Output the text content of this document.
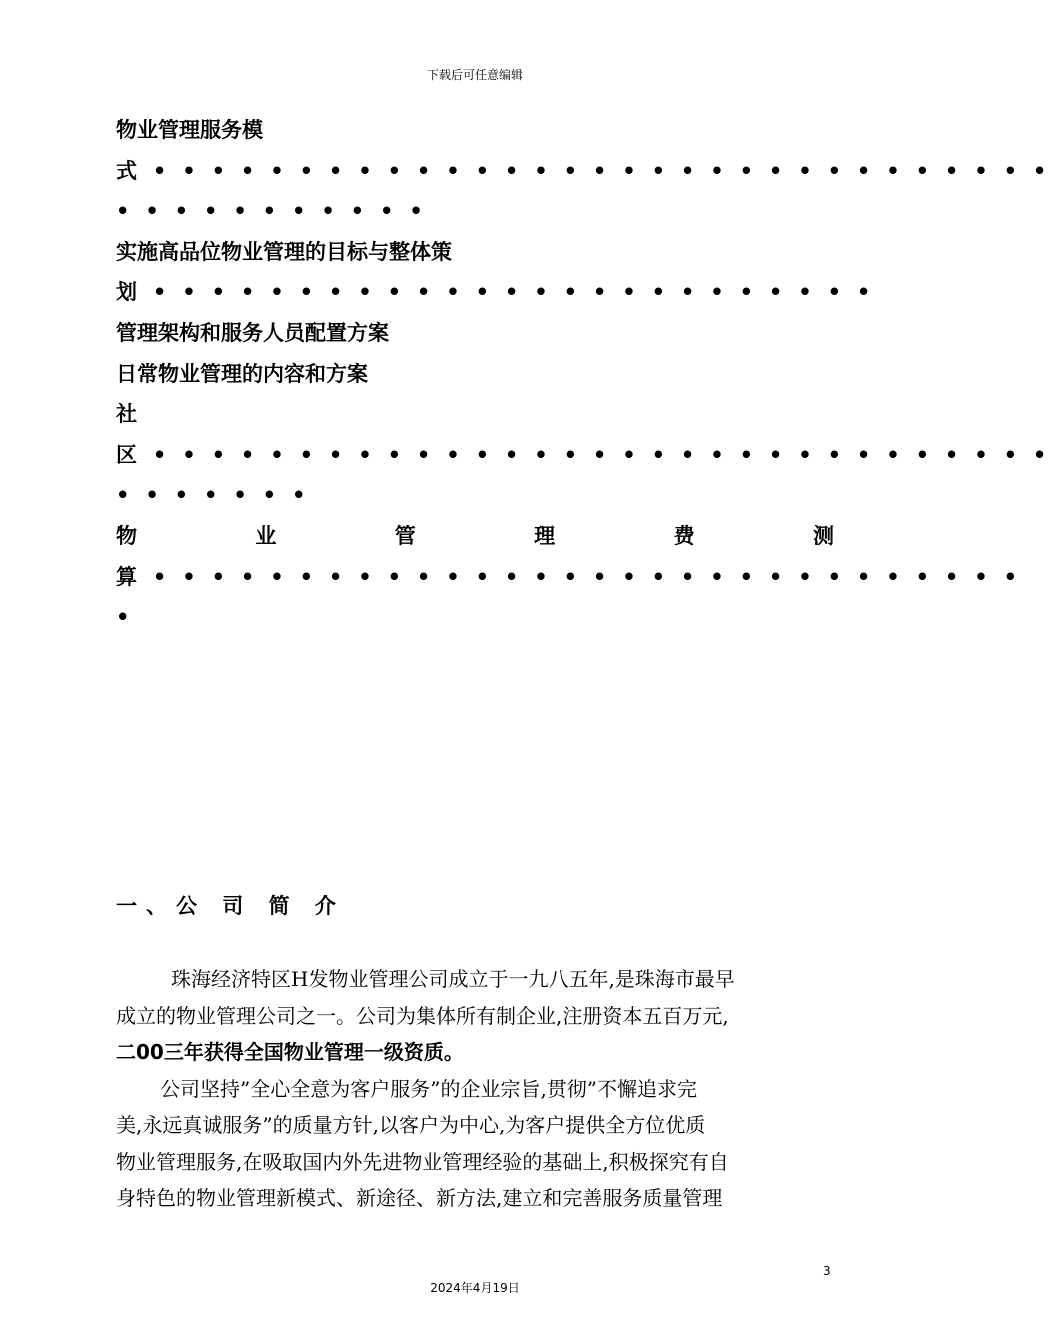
下载后可任意编辑
物业管理服务模
式 • • • • • • • • • • • • • • • • • • • • • • • • • • • • • • •
• • • • • • • • • • •
实施高品位物业管理的目标与整体策
划 • • • • • • • • • • • • • • • • • • • • • • • • •
管理架构和服务人员配置方案
日常物业管理的内容和方案
社
区 • • • • • • • • • • • • • • • • • • • • • • • • • • • • • • •
• • • • • • •
物	业	管	理	费	测
算 • • • • • • • • • • • • • • • • • • • • • • • • • • • • • •
•
一、公 司 简 介
珠海经济特区H发物业管理公司成立于一九八五年,是珠海市最早
成立的物业管理公司之一。公司为集体所有制企业,注册资本五百万元,
二00三年获得全国物业管理一级资质。
公司坚持”全心全意为客户服务”的企业宗旨,贯彻”不懈追求完
美,永远真诚服务”的质量方针,以客户为中心,为客户提供全方位优质
物业管理服务,在吸取国内外先进物业管理经验的基础上,积极探究有自
身特色的物业管理新模式、新途径、新方法,建立和完善服务质量管理
3
2024年4月19日
